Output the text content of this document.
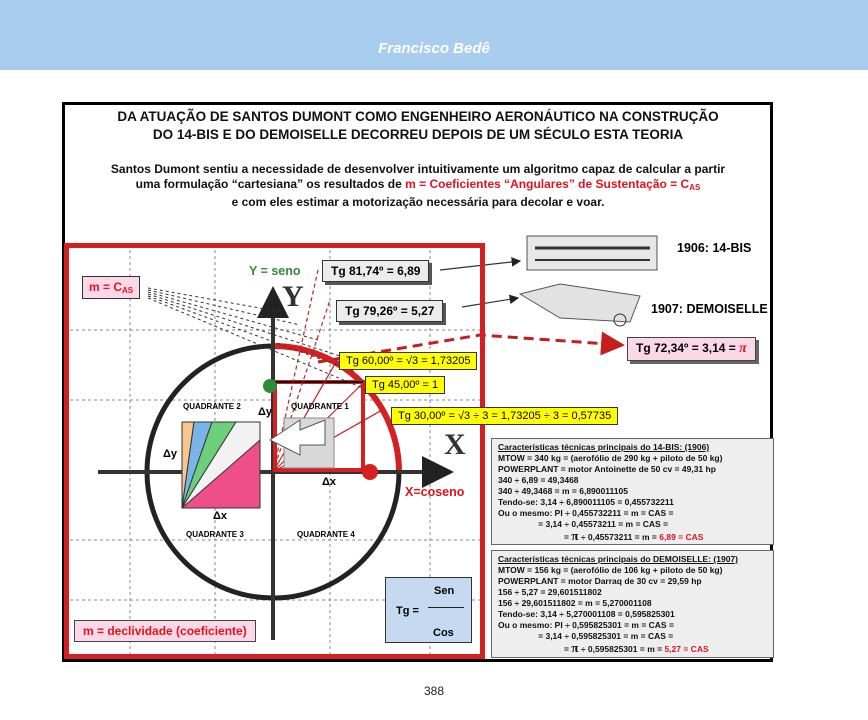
Francisco Bedê
DA ATUAÇÃO DE SANTOS DUMONT COMO ENGENHEIRO AERONÁUTICO NA CONSTRUÇÃO
DO 14-BIS E DO DEMOISELLE DECORREU DEPOIS DE UM SÉCULO ESTA TEORIA
Santos Dumont sentiu a necessidade de desenvolver intuitivamente um algoritmo capaz de calcular a partir
uma formulação “cartesiana” os resultados de m = Coeficientes “Angulares” de Sustentação = $C_{AS}$
e com eles estimar a motorização necessária para decolar e voar.
$m = C_{AS}$
Y = seno
X=coseno
Y
X
QUADRANTE 2	QUADRANTE 1
QUADRANTE 3	QUADRANTE 4
Δy
Δx
Δy
Δx
Tg 81,74º = 6,89
Tg 79,26º = 5,27
Tg 72,34º = 3,14 = π
Tg 60,00º = √3 = 1,73205
Tg 45,00º = 1
Tg 30,00º = √3 ÷ 3 = 1,73205 ÷ 3 = 0,57735
1906: 14-BIS
1907: DEMOISELLE
m = declividade (coeficiente)
Tg =
Sen
Cos
Características técnicas principais do 14-BIS: (1906)
MTOW = 340 kg = (aerofólio de 290 kg + piloto de 50 kg)
POWERPLANT = motor Antoinette de 50 cv = 49,31 hp
340 ÷ 6,89 = 49,3468
340 ÷ 49,3468 = m = 6,890011105
Tendo-se: 3,14 ÷ 6,890011105 = 0,455732211
Ou o mesmo: PI ÷ 0,455732211 = m = CAS =
= 3,14 ÷ 0,45573211 = m = CAS =
= π ÷ 0,45573211 = m = 6,89 = CAS
Características técnicas principais do DEMOISELLE: (1907)
MTOW = 156 kg = (aerofólio de 106 kg + piloto de 50 kg)
POWERPLANT = motor Darraq de 30 cv = 29,59 hp
156 ÷ 5,27 = 29,601511802
156 ÷ 29,601511802 = m = 5,270001108
Tendo-se: 3,14 ÷ 5,270001108 = 0,595825301
Ou o mesmo: PI ÷ 0,595825301 = m = CAS =
= 3,14 ÷ 0,595825301 = m = CAS =
= π ÷ 0,595825301 = m = 5,27 = CAS
388
